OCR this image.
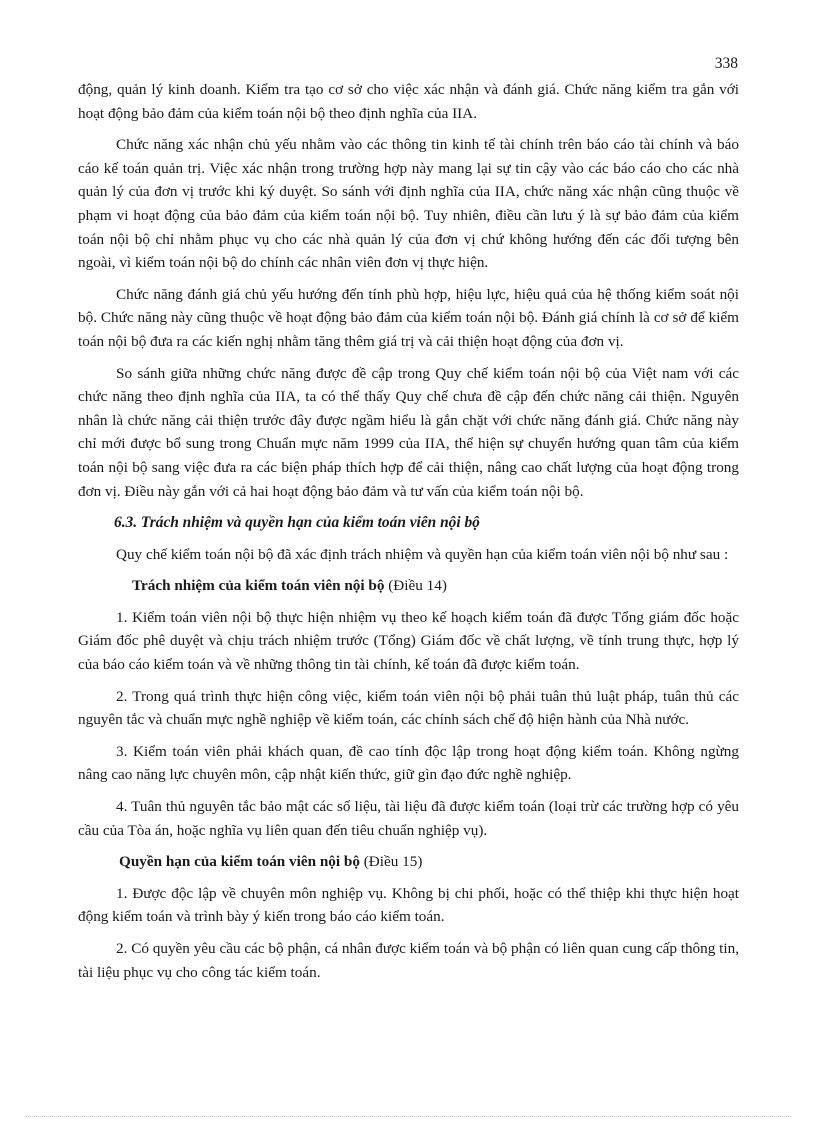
338

động, quản lý kinh doanh. Kiểm tra tạo cơ sở cho việc xác nhận và đánh giá. Chức năng kiểm tra gắn với hoạt động bảo đảm của kiểm toán nội bộ theo định nghĩa của IIA.

Chức năng xác nhận chủ yếu nhằm vào các thông tin kinh tế tài chính trên báo cáo tài chính và báo cáo kế toán quản trị. Việc xác nhận trong trường hợp này mang lại sự tin cậy vào các báo cáo cho các nhà quản lý của đơn vị trước khi ký duyệt. So sánh với định nghĩa của IIA, chức năng xác nhận cũng thuộc về phạm vi hoạt động của bảo đảm của kiểm toán nội bộ. Tuy nhiên, điều cần lưu ý là sự bảo đảm của kiểm toán nội bộ chỉ nhằm phục vụ cho các nhà quản lý của đơn vị chứ không hướng đến các đối tượng bên ngoài, vì kiểm toán nội bộ do chính các nhân viên đơn vị thực hiện.

Chức năng đánh giá chủ yếu hướng đến tính phù hợp, hiệu lực, hiệu quả của hệ thống kiểm soát nội bộ. Chức năng này cũng thuộc về hoạt động bảo đảm của kiểm toán nội bộ. Đánh giá chính là cơ sở để kiểm toán nội bộ đưa ra các kiến nghị nhằm tăng thêm giá trị và cải thiện hoạt động của đơn vị.

So sánh giữa những chức năng được đề cập trong Quy chế kiểm toán nội bộ của Việt nam với các chức năng theo định nghĩa của IIA, ta có thể thấy Quy chế chưa đề cập đến chức năng cải thiện. Nguyên nhân là chức năng cải thiện trước đây được ngầm hiểu là gắn chặt với chức năng đánh giá. Chức năng này chỉ mới được bổ sung trong Chuẩn mực năm 1999 của IIA, thể hiện sự chuyển hướng quan tâm của kiểm toán nội bộ sang việc đưa ra các biện pháp thích hợp để cải thiện, nâng cao chất lượng của hoạt động trong đơn vị. Điều này gắn với cả hai hoạt động bảo đảm và tư vấn của kiểm toán nội bộ.

6.3. Trách nhiệm và quyền hạn của kiểm toán viên nội bộ

Quy chế kiểm toán nội bộ đã xác định trách nhiệm và quyền hạn của kiểm toán viên nội bộ như sau :

Trách nhiệm của kiểm toán viên nội bộ (Điều 14)

1. Kiểm toán viên nội bộ thực hiện nhiệm vụ theo kế hoạch kiểm toán đã được Tổng giám đốc hoặc Giám đốc phê duyệt và chịu trách nhiệm trước (Tổng) Giám đốc về chất lượng, về tính trung thực, hợp lý của báo cáo kiểm toán và về những thông tin tài chính, kế toán đã được kiểm toán.

2. Trong quá trình thực hiện công việc, kiểm toán viên nội bộ phải tuân thủ luật pháp, tuân thủ các nguyên tắc và chuẩn mực nghề nghiệp về kiểm toán, các chính sách chế độ hiện hành của Nhà nước.

3. Kiểm toán viên phải khách quan, đề cao tính độc lập trong hoạt động kiểm toán. Không ngừng nâng cao năng lực chuyên môn, cập nhật kiến thức, giữ gìn đạo đức nghề nghiệp.

4. Tuân thủ nguyên tắc bảo mật các số liệu, tài liệu đã được kiểm toán (loại trừ các trường hợp có yêu cầu của Tòa án, hoặc nghĩa vụ liên quan đến tiêu chuẩn nghiệp vụ).

Quyền hạn của kiểm toán viên nội bộ (Điều 15)

1. Được độc lập về chuyên môn nghiệp vụ. Không bị chi phối, hoặc có thể thiệp khi thực hiện hoạt động kiểm toán và trình bày ý kiến trong báo cáo kiểm toán.

2. Có quyền yêu cầu các bộ phận, cá nhân được kiểm toán và bộ phận có liên quan cung cấp thông tin, tài liệu phục vụ cho công tác kiểm toán.
